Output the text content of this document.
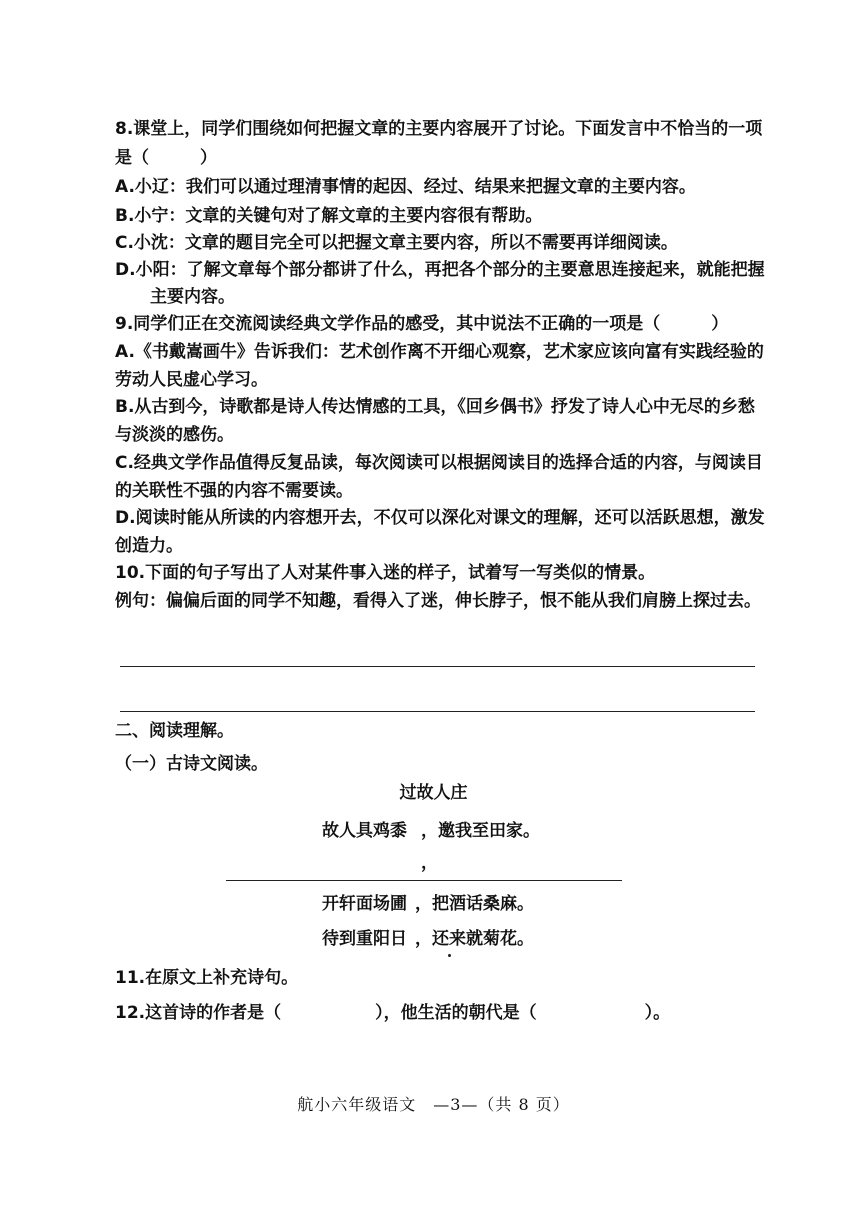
8.课堂上，同学们围绕如何把握文章的主要内容展开了讨论。下面发言中不恰当的一项
是（　　　）
A.小辽：我们可以通过理清事情的起因、经过、结果来把握文章的主要内容。
B.小宁：文章的关键句对了解文章的主要内容很有帮助。
C.小沈：文章的题目完全可以把握文章主要内容，所以不需要再详细阅读。
D.小阳：了解文章每个部分都讲了什么，再把各个部分的主要意思连接起来，就能把握
主要内容。
9.同学们正在交流阅读经典文学作品的感受，其中说法不正确的一项是（　　　）
A.《书戴嵩画牛》告诉我们：艺术创作离不开细心观察，艺术家应该向富有实践经验的
劳动人民虚心学习。
B.从古到今，诗歌都是诗人传达情感的工具，《回乡偶书》抒发了诗人心中无尽的乡愁
与淡淡的感伤。
C.经典文学作品值得反复品读，每次阅读可以根据阅读目的选择合适的内容，与阅读目
的关联性不强的内容不需要读。
D.阅读时能从所读的内容想开去，不仅可以深化对课文的理解，还可以活跃思想，激发
创造力。
10.下面的句子写出了人对某件事入迷的样子，试着写一写类似的情景。
例句：偏偏后面的同学不知趣，看得入了迷，伸长脖子，恨不能从我们肩膀上探过去。
二、阅读理解。
（一）古诗文阅读。
过故人庄
故人具鸡黍 ，邀我至田家。
，
开轩面场圃 ，把酒话桑麻。
待到重阳日 ，还来就菊花。
11.在原文上补充诗句。
12.这首诗的作者是（	），他生活的朝代是（	）。
航小六年级语文　—3—（共 8 页）
